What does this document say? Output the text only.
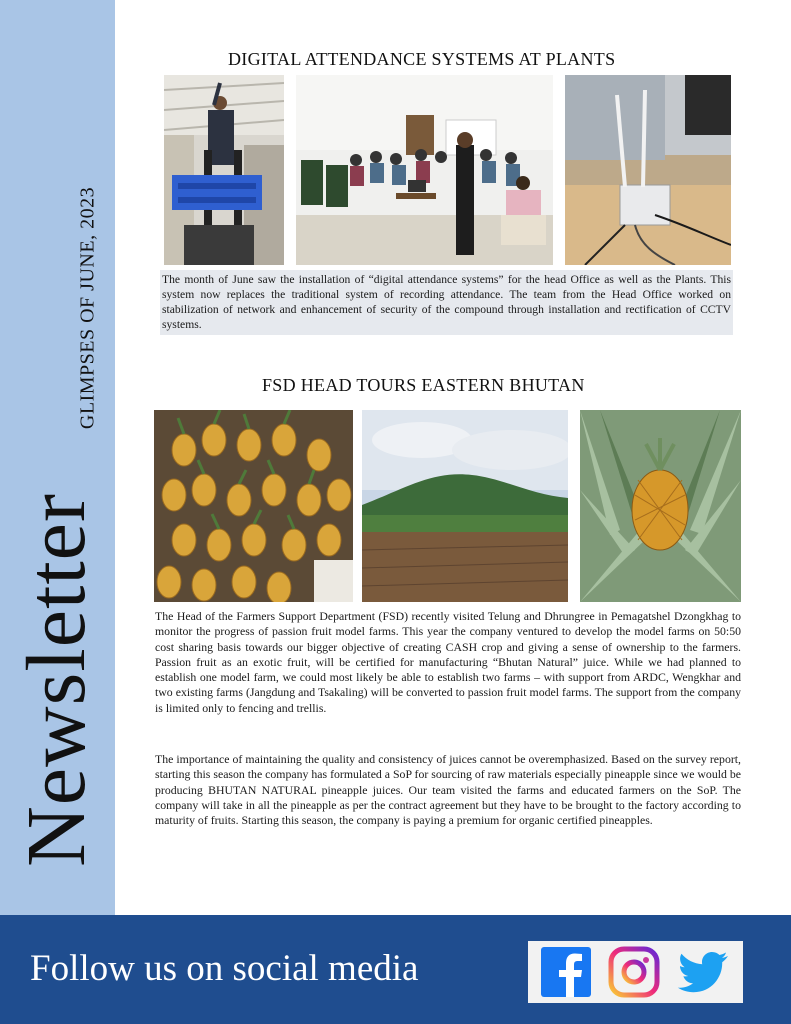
GLIMPSES OF JUNE, 2023
Newsletter
DIGITAL ATTENDANCE SYSTEMS AT PLANTS
The month of June saw the installation of “digital attendance systems” for the head Office as well as the Plants. This system now replaces the traditional system of recording attendance. The team from the Head Office worked on stabilization of network and enhancement of security of the compound through installation and rectification of CCTV systems.
FSD HEAD TOURS EASTERN BHUTAN
The Head of the Farmers Support Department (FSD) recently visited Telung and Dhrungree in Pemagatshel Dzongkhag to monitor the progress of passion fruit model farms. This year the company ventured to develop the model farms on 50:50 cost sharing basis towards our bigger objective of creating CASH crop and giving a sense of ownership to the farmers. Passion fruit as an exotic fruit, will be certified for manufacturing “Bhutan Natural” juice. While we had planned to establish one model farm, we could most likely be able to establish two farms – with support from ARDC, Wengkhar and two existing farms (Jangdung and Tsakaling) will be converted to passion fruit model farms. The support from the company is limited only to fencing and trellis.
The importance of maintaining the quality and consistency of juices cannot be overemphasized. Based on the survey report, starting this season the company has formulated a SoP for sourcing of raw materials especially pineapple since we would be producing BHUTAN NATURAL pineapple juices. Our team visited the farms and educated farmers on the SoP. The company will take in all the pineapple as per the contract agreement but they have to be brought to the factory according to maturity of fruits. Starting this season, the company is paying a premium for organic certified pineapples.
Follow us on social media
